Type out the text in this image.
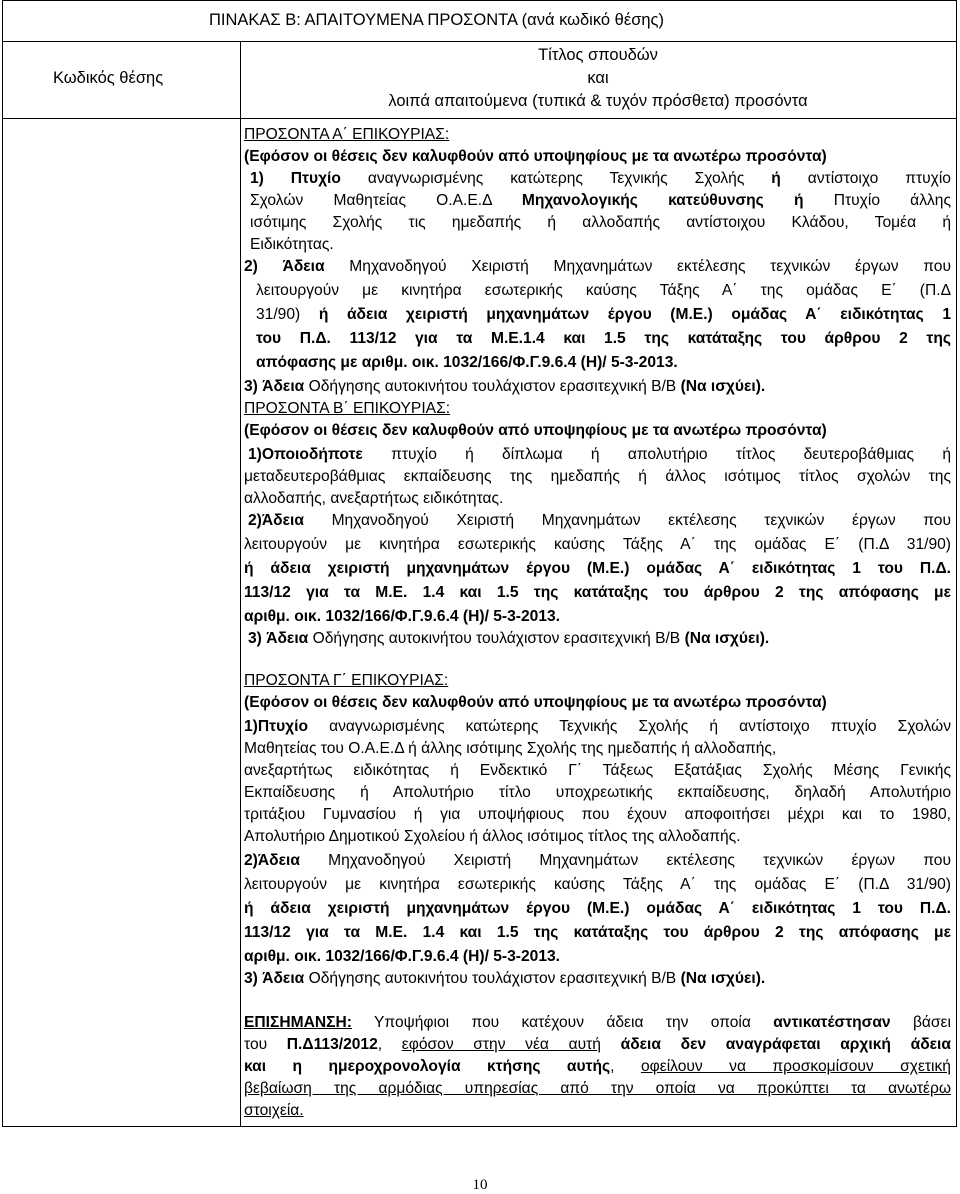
ΠΙΝΑΚΑΣ Β: ΑΠΑΙΤΟΥΜΕΝΑ ΠΡΟΣΟΝΤΑ (ανά κωδικό θέσης)
Κωδικός θέσης
Τίτλος σπουδών
και
λοιπά απαιτούμενα (τυπικά & τυχόν πρόσθετα) προσόντα
ΠΡΟΣΟΝΤΑ Α΄ ΕΠΙΚΟΥΡΙΑΣ:
(Εφόσον οι θέσεις δεν καλυφθούν από υποψηφίους με τα ανωτέρω προσόντα)
1) Πτυχίο αναγνωρισμένης κατώτερης Τεχνικής Σχολής ή αντίστοιχο πτυχίο
Σχολών Μαθητείας Ο.Α.Ε.Δ Μηχανολογικής κατεύθυνσης ή Πτυχίο άλλης
ισότιμης Σχολής τις ημεδαπής ή αλλοδαπής αντίστοιχου Κλάδου, Τομέα ή
Ειδικότητας.
2) Άδεια Μηχανοδηγού Χειριστή Μηχανημάτων εκτέλεσης τεχνικών έργων που
λειτουργούν με κινητήρα εσωτερικής καύσης Τάξης Α΄ της ομάδας Ε΄ (Π.Δ
31/90) ή άδεια χειριστή μηχανημάτων έργου (Μ.Ε.) ομάδας Α΄ ειδικότητας 1
του Π.Δ. 113/12 για τα Μ.Ε.1.4 και 1.5 της κατάταξης του άρθρου 2 της
απόφασης με αριθμ. οικ. 1032/166/Φ.Γ.9.6.4 (Η)/ 5-3-2013.
3) Άδεια Οδήγησης αυτοκινήτου τουλάχιστον ερασιτεχνική Β/Β (Να ισχύει).
ΠΡΟΣΟΝΤΑ Β΄ ΕΠΙΚΟΥΡΙΑΣ:
(Εφόσον οι θέσεις δεν καλυφθούν από υποψηφίους με τα ανωτέρω προσόντα)
1)Οποιοδήποτε πτυχίο ή δίπλωμα ή απολυτήριο τίτλος δευτεροβάθμιας ή
μεταδευτεροβάθμιας εκπαίδευσης της ημεδαπής ή άλλος ισότιμος τίτλος σχολών της
αλλοδαπής, ανεξαρτήτως ειδικότητας.
2)Άδεια Μηχανοδηγού Χειριστή Μηχανημάτων εκτέλεσης τεχνικών έργων που
λειτουργούν με κινητήρα εσωτερικής καύσης Τάξης Α΄ της ομάδας Ε΄ (Π.Δ 31/90)
ή άδεια χειριστή μηχανημάτων έργου (Μ.Ε.) ομάδας Α΄ ειδικότητας 1 του Π.Δ.
113/12 για τα Μ.Ε. 1.4 και 1.5 της κατάταξης του άρθρου 2 της απόφασης με
αριθμ. οικ. 1032/166/Φ.Γ.9.6.4 (Η)/ 5-3-2013.
3) Άδεια Οδήγησης αυτοκινήτου τουλάχιστον ερασιτεχνική Β/Β (Να ισχύει).
ΠΡΟΣΟΝΤΑ Γ΄ ΕΠΙΚΟΥΡΙΑΣ:
(Εφόσον οι θέσεις δεν καλυφθούν από υποψηφίους με τα ανωτέρω προσόντα)
1)Πτυχίο αναγνωρισμένης κατώτερης Τεχνικής Σχολής ή αντίστοιχο πτυχίο Σχολών
Μαθητείας του Ο.Α.Ε.Δ ή άλλης ισότιμης Σχολής της ημεδαπής ή αλλοδαπής,
ανεξαρτήτως ειδικότητας ή Ενδεκτικό Γ΄ Τάξεως Εξατάξιας Σχολής Μέσης Γενικής
Εκπαίδευσης ή Απολυτήριο τίτλο υποχρεωτικής εκπαίδευσης, δηλαδή Απολυτήριο
τριτάξιου Γυμνασίου ή για υποψήφιους που έχουν αποφοιτήσει μέχρι και το 1980,
Απολυτήριο Δημοτικού Σχολείου ή άλλος ισότιμος τίτλος της αλλοδαπής.
2)Άδεια Μηχανοδηγού Χειριστή Μηχανημάτων εκτέλεσης τεχνικών έργων που
λειτουργούν με κινητήρα εσωτερικής καύσης Τάξης Α΄ της ομάδας Ε΄ (Π.Δ 31/90)
ή άδεια χειριστή μηχανημάτων έργου (Μ.Ε.) ομάδας Α΄ ειδικότητας 1 του Π.Δ.
113/12 για τα Μ.Ε. 1.4 και 1.5 της κατάταξης του άρθρου 2 της απόφασης με
αριθμ. οικ. 1032/166/Φ.Γ.9.6.4 (Η)/ 5-3-2013.
3) Άδεια Οδήγησης αυτοκινήτου τουλάχιστον ερασιτεχνική Β/Β (Να ισχύει).
ΕΠΙΣΗΜΑΝΣΗ: Υποψήφιοι που κατέχουν άδεια την οποία αντικατέστησαν βάσει
του Π.Δ113/2012, εφόσον στην νέα αυτή άδεια δεν αναγράφεται αρχική άδεια
και η ημεροχρονολογία κτήσης αυτής, οφείλουν να προσκομίσουν σχετική
βεβαίωση της αρμόδιας υπηρεσίας από την οποία να προκύπτει τα ανωτέρω
στοιχεία.
10
